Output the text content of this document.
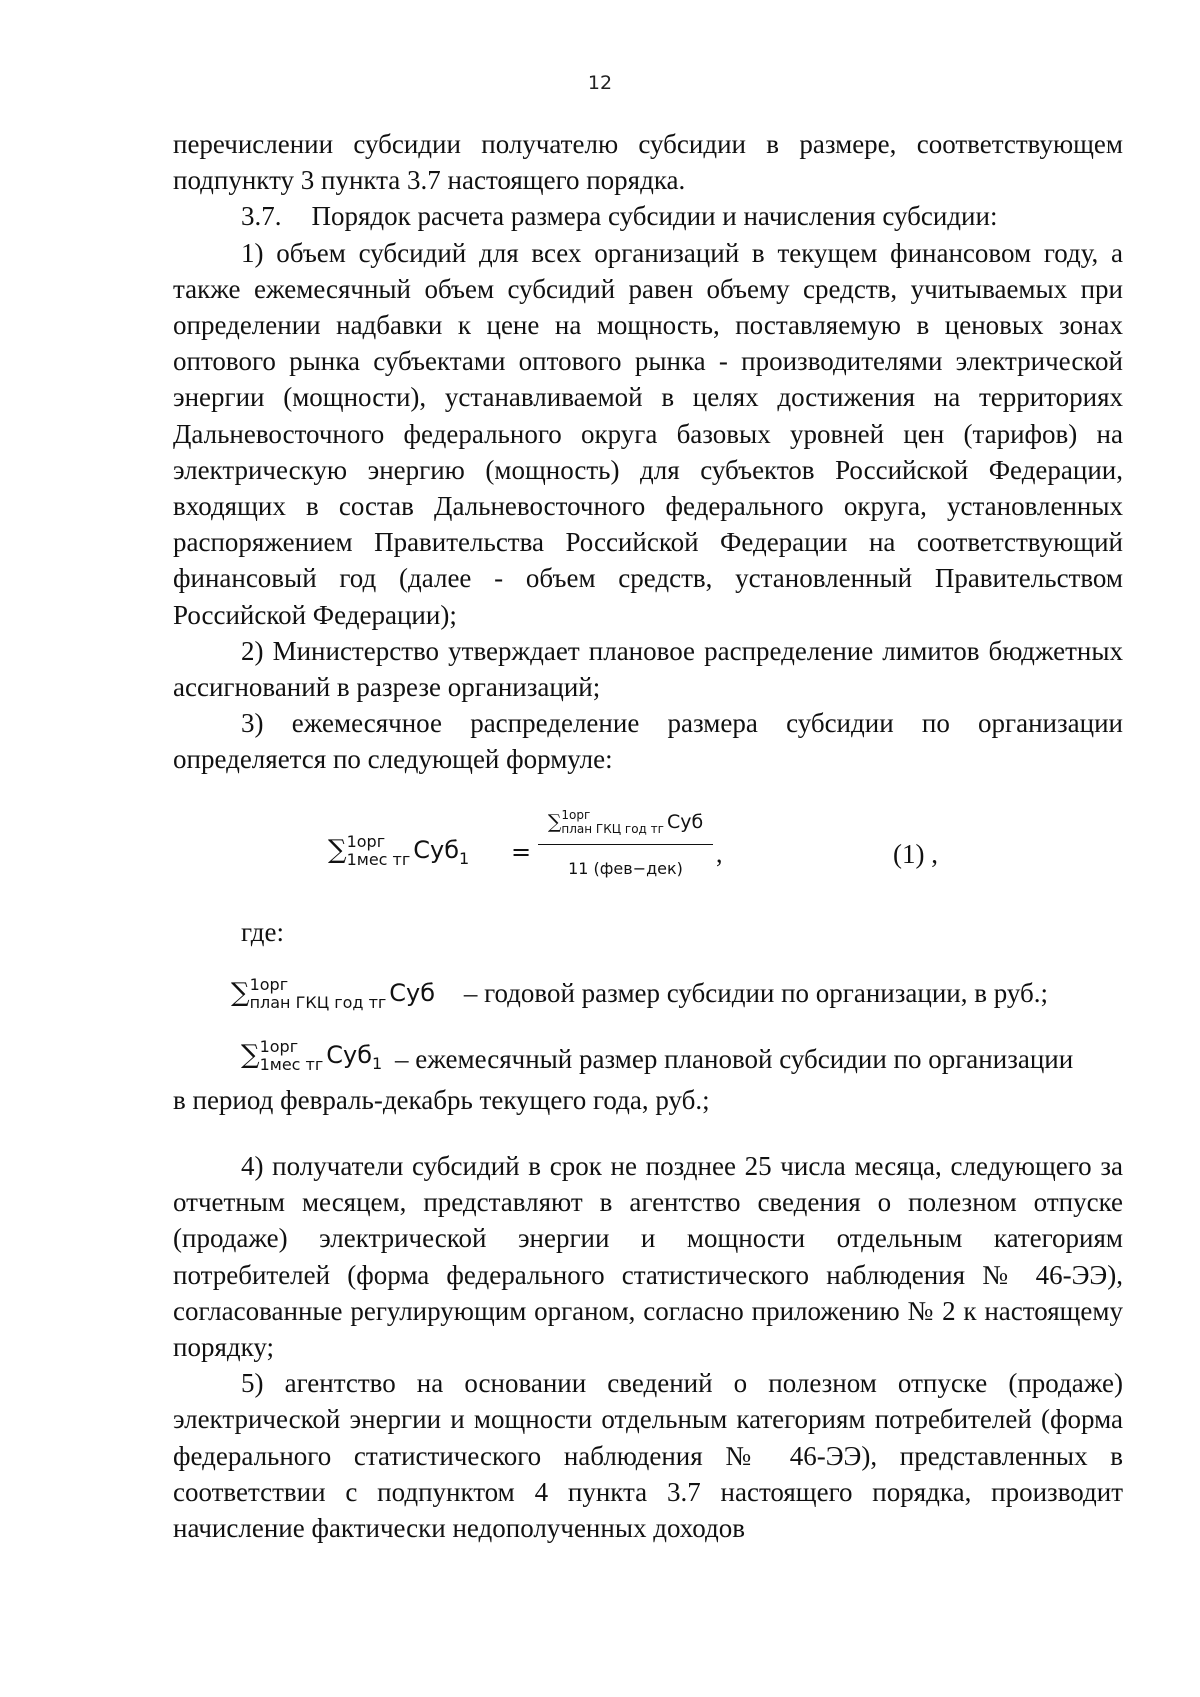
12

перечислении субсидии получателю субсидии в размере, соответствующем подпункту 3 пункта 3.7 настоящего порядка.

3.7. Порядок расчета размера субсидии и начисления субсидии:

1) объем субсидий для всех организаций в текущем финансовом году, а также ежемесячный объем субсидий равен объему средств, учитываемых при определении надбавки к цене на мощность, поставляемую в ценовых зонах оптового рынка субъектами оптового рынка - производителями электрической энергии (мощности), устанавливаемой в целях достижения на территориях Дальневосточного федерального округа базовых уровней цен (тарифов) на электрическую энергию (мощность) для субъектов Российской Федерации, входящих в состав Дальневосточного федерального округа, установленных распоряжением Правительства Российской Федерации на соответствующий финансовый год (далее - объем средств, установленный Правительством Российской Федерации);

2) Министерство утверждает плановое распределение лимитов бюджетных ассигнований в разрезе организаций;

3) ежемесячное распределение размера субсидии по организации определяется по следующей формуле:

∑ 1орг
1мес тг Суб$_1$ =
∑ 1орг
план ГКЦ год тг Суб
11 (фев−дек)
,	(1) ,

где:

∑ 1орг
план ГКЦ год тг Суб – годовой размер субсидии по организации, в руб.;

∑ 1орг
1мес тг Суб$_1$ – ежемесячный размер плановой субсидии по организации

в период февраль-декабрь текущего года, руб.;

4) получатели субсидий в срок не позднее 25 числа месяца, следующего за отчетным месяцем, представляют в агентство сведения о полезном отпуске (продаже) электрической энергии и мощности отдельным категориям потребителей (форма федерального статистического наблюдения № 46-ЭЭ), согласованные регулирующим органом, согласно приложению № 2 к настоящему порядку;

5) агентство на основании сведений о полезном отпуске (продаже) электрической энергии и мощности отдельным категориям потребителей (форма федерального статистического наблюдения № 46-ЭЭ), представленных в соответствии с подпунктом 4 пункта 3.7 настоящего порядка, производит начисление фактически недополученных доходов
